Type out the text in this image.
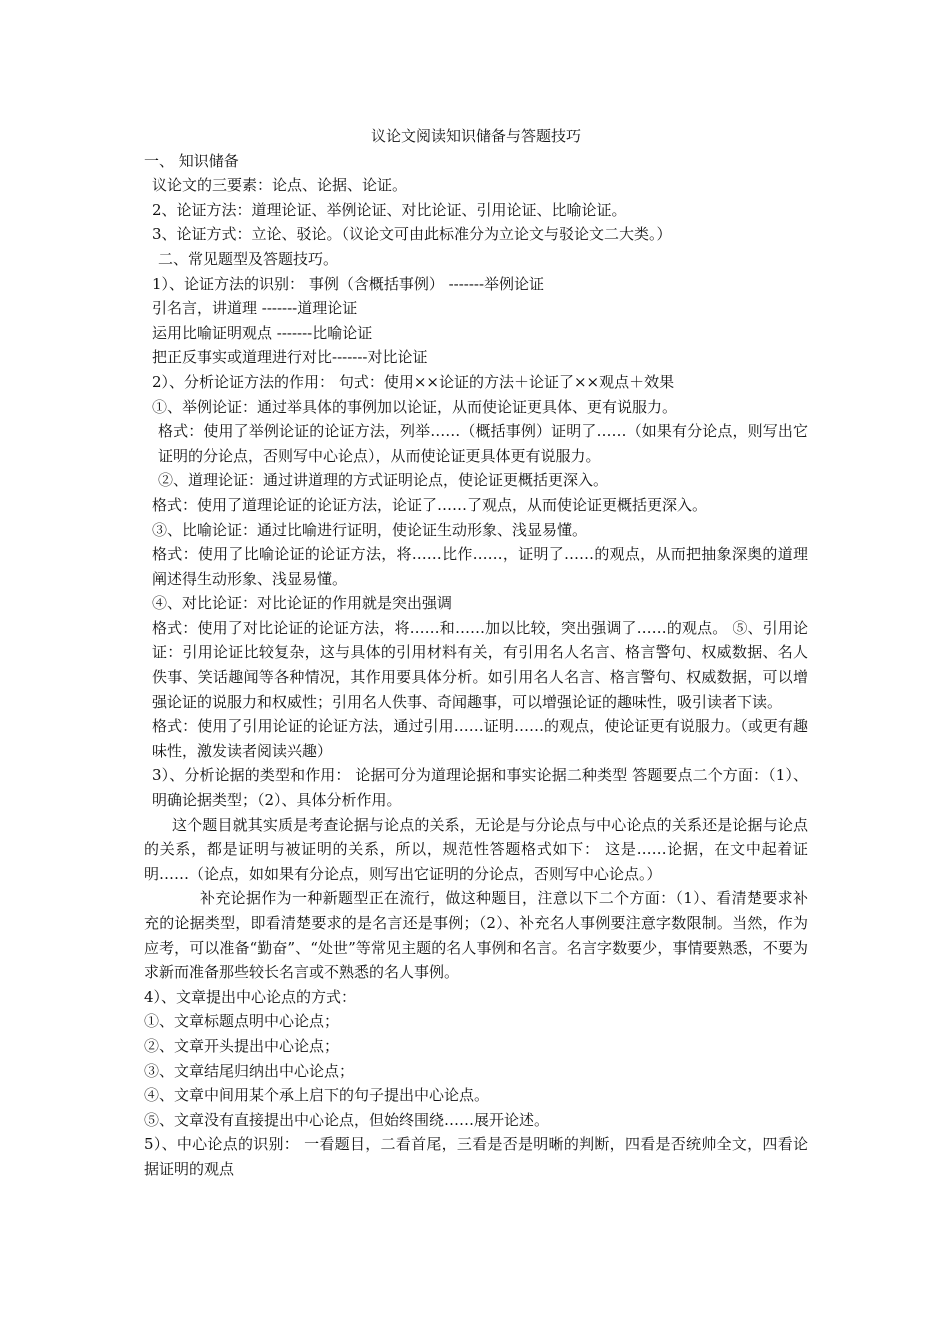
议论文阅读知识储备与答题技巧

一、 知识储备

议论文的三要素：论点、论据、论证。

2、论证方法：道理论证、举例论证、对比论证、引用论证、比喻论证。

3、论证方式：立论、驳论。（议论文可由此标准分为立论文与驳论文二大类。）

二、常见题型及答题技巧。

1）、论证方法的识别： 事例（含概括事例） -------举例论证

引名言，讲道理 -------道理论证

运用比喻证明观点 -------比喻论证

把正反事实或道理进行对比-------对比论证

2）、分析论证方法的作用： 句式：使用××论证的方法＋论证了××观点＋效果

①、举例论证：通过举具体的事例加以论证，从而使论证更具体、更有说服力。

格式：使用了举例论证的论证方法，列举……（概括事例）证明了……（如果有分论点，则写出它证明的分论点，否则写中心论点），从而使论证更具体更有说服力。

②、道理论证：通过讲道理的方式证明论点，使论证更概括更深入。

格式：使用了道理论证的论证方法，论证了……了观点，从而使论证更概括更深入。

③、比喻论证：通过比喻进行证明，使论证生动形象、浅显易懂。

格式：使用了比喻论证的论证方法，将……比作……，证明了……的观点，从而把抽象深奥的道理阐述得生动形象、浅显易懂。

④、对比论证：对比论证的作用就是突出强调

格式：使用了对比论证的论证方法，将……和……加以比较，突出强调了……的观点。 ⑤、引用论证：引用论证比较复杂，这与具体的引用材料有关，有引用名人名言、格言警句、权威数据、名人佚事、笑话趣闻等各种情况，其作用要具体分析。如引用名人名言、格言警句、权威数据，可以增强论证的说服力和权威性；引用名人佚事、奇闻趣事，可以增强论证的趣味性，吸引读者下读。

格式：使用了引用论证的论证方法，通过引用……证明……的观点，使论证更有说服力。（或更有趣味性，激发读者阅读兴趣）

3）、分析论据的类型和作用： 论据可分为道理论据和事实论据二种类型 答题要点二个方面：（1）、明确论据类型；（2）、具体分析作用。

这个题目就其实质是考查论据与论点的关系，无论是与分论点与中心论点的关系还是论据与论点的关系，都是证明与被证明的关系，所以，规范性答题格式如下： 这是……论据，在文中起着证明……（论点，如如果有分论点，则写出它证明的分论点，否则写中心论点。）

补充论据作为一种新题型正在流行，做这种题目，注意以下二个方面：（1）、看清楚要求补充的论据类型，即看清楚要求的是名言还是事例；（2）、补充名人事例要注意字数限制。当然，作为应考，可以准备“勤奋”、“处世”等常见主题的名人事例和名言。名言字数要少，事情要熟悉，不要为求新而准备那些较长名言或不熟悉的名人事例。

4）、文章提出中心论点的方式：

①、文章标题点明中心论点；

②、文章开头提出中心论点；

③、文章结尾归纳出中心论点；

④、文章中间用某个承上启下的句子提出中心论点。

⑤、文章没有直接提出中心论点，但始终围绕……展开论述。

5）、中心论点的识别： 一看题目，二看首尾，三看是否是明晰的判断，四看是否统帅全文，四看论据证明的观点
